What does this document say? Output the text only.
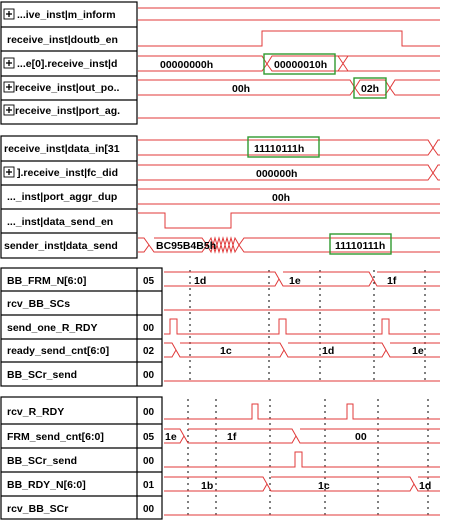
...ive_inst|m_inform
receive_inst|doutb_en
...e[0].receive_inst|d	00000000h	00000010h
receive_inst|out_po..	00h	02h
receive_inst|port_ag.
receive_inst|data_in[31	11110111h
].receive_inst|fc_did	000000h
..._inst|port_aggr_dup	00h
..._inst|data_send_en
sender_inst|data_send	BC95B4B5h	11110111h
BB_FRM_N[6:0]	05	1d	1e	1f
rcv_BB_SCs
send_one_R_RDY	00
ready_send_cnt[6:0]	02	1c	1d	1e
BB_SCr_send	00
rcv_R_RDY	00
FRM_send_cnt[6:0]	05 1e	1f	00
BB_SCr_send	00
BB_RDY_N[6:0]	01	1b	1c	1d
rcv_BB_SCr	00
